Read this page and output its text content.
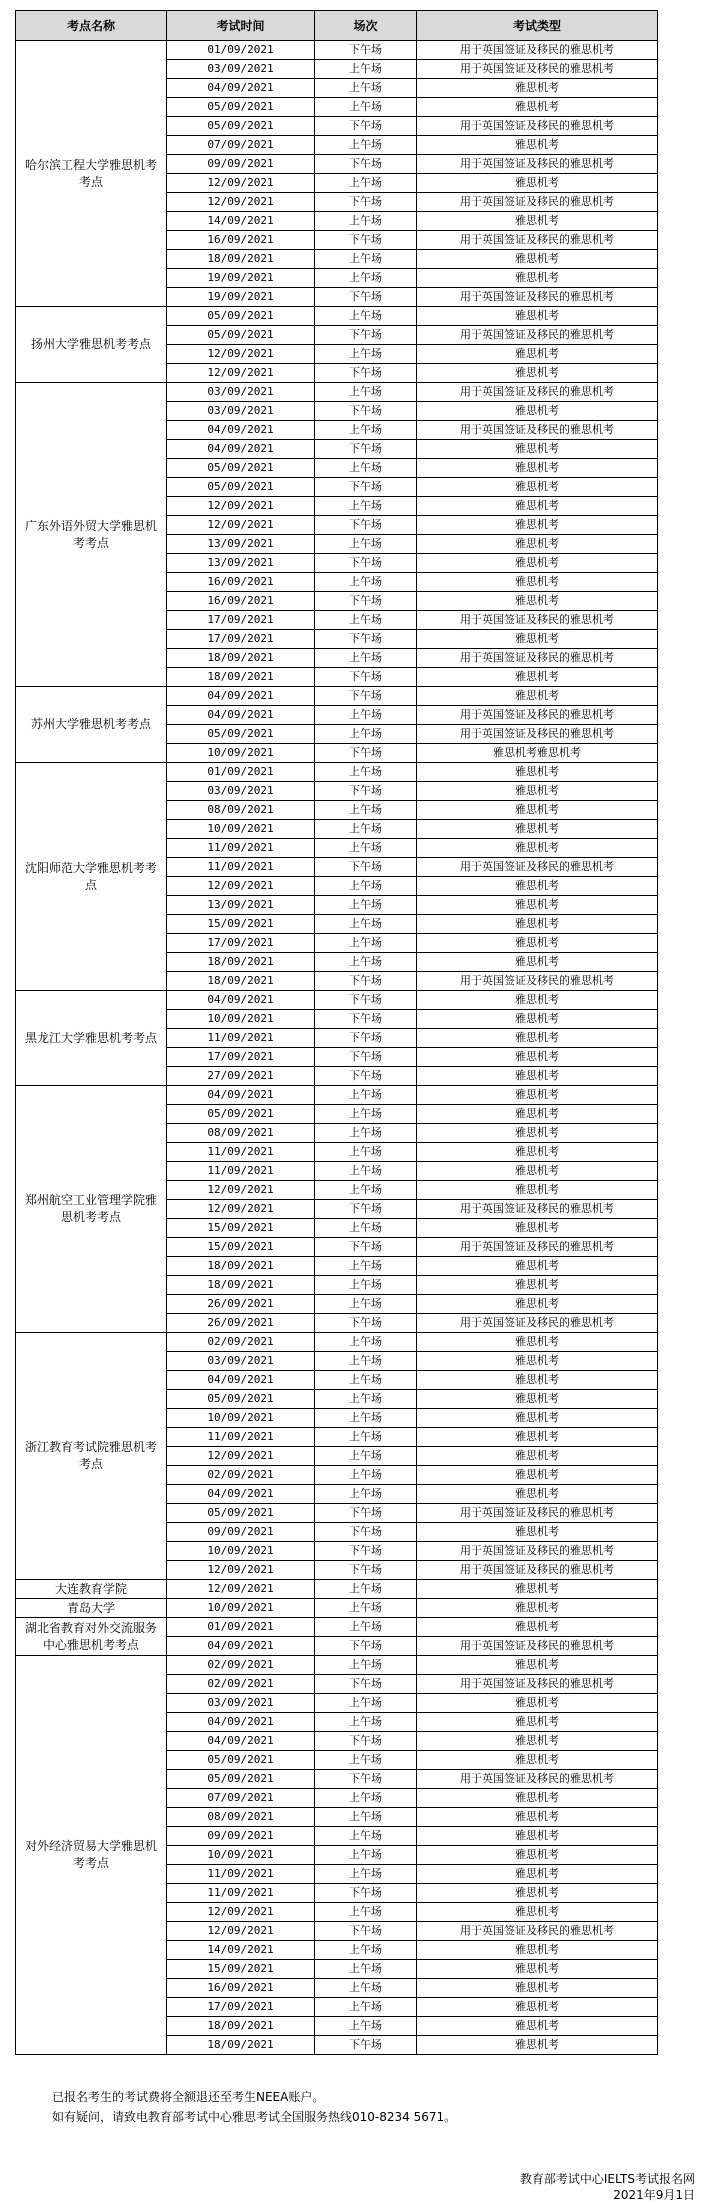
考点名称	考试时间	场次	考试类型
哈尔滨工程大学雅思机考考点	01/09/2021	下午场	用于英国签证及移民的雅思机考
	03/09/2021	上午场	用于英国签证及移民的雅思机考
	04/09/2021	上午场	雅思机考
	05/09/2021	上午场	雅思机考
	05/09/2021	下午场	用于英国签证及移民的雅思机考
	07/09/2021	上午场	雅思机考
	09/09/2021	下午场	用于英国签证及移民的雅思机考
	12/09/2021	上午场	雅思机考
	12/09/2021	下午场	用于英国签证及移民的雅思机考
	14/09/2021	上午场	雅思机考
	16/09/2021	下午场	用于英国签证及移民的雅思机考
	18/09/2021	上午场	雅思机考
	19/09/2021	上午场	雅思机考
	19/09/2021	下午场	用于英国签证及移民的雅思机考
扬州大学雅思机考考点	05/09/2021	上午场	雅思机考
	05/09/2021	下午场	用于英国签证及移民的雅思机考
	12/09/2021	上午场	雅思机考
	12/09/2021	下午场	雅思机考
广东外语外贸大学雅思机考考点	03/09/2021	上午场	用于英国签证及移民的雅思机考
	03/09/2021	下午场	雅思机考
	04/09/2021	上午场	用于英国签证及移民的雅思机考
	04/09/2021	下午场	雅思机考
	05/09/2021	上午场	雅思机考
	05/09/2021	下午场	雅思机考
	12/09/2021	上午场	雅思机考
	12/09/2021	下午场	雅思机考
	13/09/2021	上午场	雅思机考
	13/09/2021	下午场	雅思机考
	16/09/2021	上午场	雅思机考
	16/09/2021	下午场	雅思机考
	17/09/2021	上午场	用于英国签证及移民的雅思机考
	17/09/2021	下午场	雅思机考
	18/09/2021	上午场	用于英国签证及移民的雅思机考
	18/09/2021	下午场	雅思机考
苏州大学雅思机考考点	04/09/2021	下午场	雅思机考
	04/09/2021	上午场	用于英国签证及移民的雅思机考
	05/09/2021	上午场	用于英国签证及移民的雅思机考
	10/09/2021	下午场	雅思机考雅思机考
沈阳师范大学雅思机考考点	01/09/2021	上午场	雅思机考
	03/09/2021	下午场	雅思机考
	08/09/2021	上午场	雅思机考
	10/09/2021	上午场	雅思机考
	11/09/2021	上午场	雅思机考
	11/09/2021	下午场	用于英国签证及移民的雅思机考
	12/09/2021	上午场	雅思机考
	13/09/2021	上午场	雅思机考
	15/09/2021	上午场	雅思机考
	17/09/2021	上午场	雅思机考
	18/09/2021	上午场	雅思机考
	18/09/2021	下午场	用于英国签证及移民的雅思机考
黑龙江大学雅思机考考点	04/09/2021	下午场	雅思机考
	10/09/2021	下午场	雅思机考
	11/09/2021	下午场	雅思机考
	17/09/2021	下午场	雅思机考
	27/09/2021	下午场	雅思机考
郑州航空工业管理学院雅思机考考点	04/09/2021	上午场	雅思机考
	05/09/2021	上午场	雅思机考
	08/09/2021	上午场	雅思机考
	11/09/2021	上午场	雅思机考
	11/09/2021	上午场	雅思机考
	12/09/2021	上午场	雅思机考
	12/09/2021	下午场	用于英国签证及移民的雅思机考
	15/09/2021	上午场	雅思机考
	15/09/2021	下午场	用于英国签证及移民的雅思机考
	18/09/2021	上午场	雅思机考
	18/09/2021	上午场	雅思机考
	26/09/2021	上午场	雅思机考
	26/09/2021	下午场	用于英国签证及移民的雅思机考
浙江教育考试院雅思机考考点	02/09/2021	上午场	雅思机考
	03/09/2021	上午场	雅思机考
	04/09/2021	上午场	雅思机考
	05/09/2021	上午场	雅思机考
	10/09/2021	上午场	雅思机考
	11/09/2021	上午场	雅思机考
	12/09/2021	上午场	雅思机考
	02/09/2021	上午场	雅思机考
	04/09/2021	上午场	雅思机考
	05/09/2021	下午场	用于英国签证及移民的雅思机考
	09/09/2021	下午场	雅思机考
	10/09/2021	下午场	用于英国签证及移民的雅思机考
	12/09/2021	下午场	用于英国签证及移民的雅思机考
大连教育学院	12/09/2021	上午场	雅思机考
青岛大学	10/09/2021	上午场	雅思机考
湖北省教育对外交流服务中心雅思机考考点	01/09/2021	上午场	雅思机考
	04/09/2021	下午场	用于英国签证及移民的雅思机考
对外经济贸易大学雅思机考考点	02/09/2021	上午场	雅思机考
	02/09/2021	下午场	用于英国签证及移民的雅思机考
	03/09/2021	上午场	雅思机考
	04/09/2021	上午场	雅思机考
	04/09/2021	下午场	雅思机考
	05/09/2021	上午场	雅思机考
	05/09/2021	下午场	用于英国签证及移民的雅思机考
	07/09/2021	上午场	雅思机考
	08/09/2021	上午场	雅思机考
	09/09/2021	上午场	雅思机考
	10/09/2021	上午场	雅思机考
	11/09/2021	上午场	雅思机考
	11/09/2021	下午场	雅思机考
	12/09/2021	上午场	雅思机考
	12/09/2021	下午场	用于英国签证及移民的雅思机考
	14/09/2021	上午场	雅思机考
	15/09/2021	上午场	雅思机考
	16/09/2021	上午场	雅思机考
	17/09/2021	上午场	雅思机考
	18/09/2021	上午场	雅思机考
	18/09/2021	下午场	雅思机考
已报名考生的考试费将全额退还至考生NEEA账户。
如有疑问，请致电教育部考试中心雅思考试全国服务热线010-8234 5671。
教育部考试中心IELTS考试报名网
2021年9月1日
